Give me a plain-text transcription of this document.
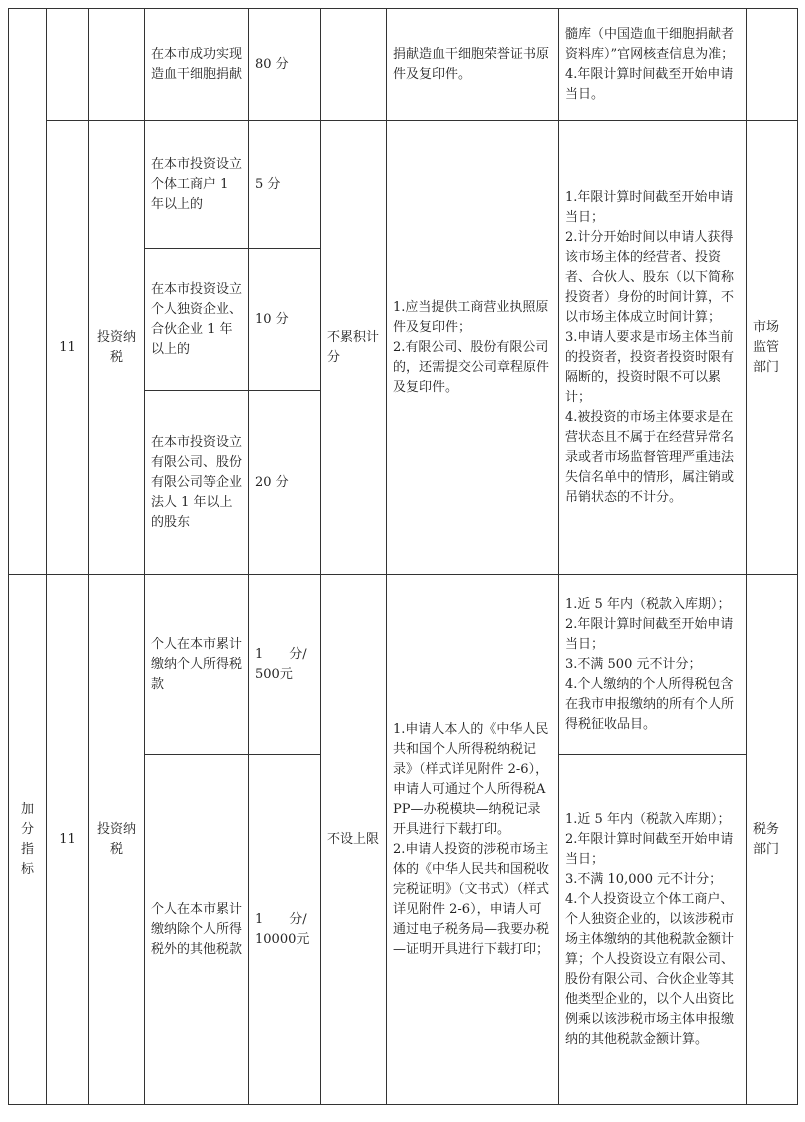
			在本市成功实现造血干细胞捐献	80 分		捐献造血干细胞荣誉证书原件及复印件。	髓库（中国造血干细胞捐献者资料库）”官网核查信息为准；
4.年限计算时间截至开始申请当日。	
	11	投资纳税	在本市投资设立个体工商户 1 年以上的	5 分	不累积计分	1.应当提供工商营业执照原件及复印件；
2.有限公司、股份有限公司的，还需提交公司章程原件及复印件。	1.年限计算时间截至开始申请当日；
2.计分开始时间以申请人获得该市场主体的经营者、投资者、合伙人、股东（以下简称投资者）身份的时间计算，不以市场主体成立时间计算；
3.申请人要求是市场主体当前的投资者，投资者投资时限有隔断的，投资时限不可以累计；
4.被投资的市场主体要求是在营状态且不属于在经营异常名录或者市场监督管理严重违法失信名单中的情形，属注销或吊销状态的不计分。	市场监管部门
			在本市投资设立个人独资企业、合伙企业 1 年以上的	10 分				
			在本市投资设立有限公司、股份有限公司等企业法人 1 年以上的股东	20 分				
加分指标	11	投资纳税	个人在本市累计缴纳个人所得税款	1　　分/500元	不设上限	1.申请人本人的《中华人民共和国个人所得税纳税记录》（样式详见附件 2-6），申请人可通过个人所得税APP—办税模块—纳税记录开具进行下载打印。
2.申请人投资的涉税市场主体的《中华人民共和国税收完税证明》（文书式）（样式详见附件 2-6），申请人可通过电子税务局—我要办税—证明开具进行下载打印；	1.近 5 年内（税款入库期）；
2.年限计算时间截至开始申请当日；
3.不满 500 元不计分；
4.个人缴纳的个人所得税包含在我市申报缴纳的所有个人所得税征收品目。	税务部门
			个人在本市累计缴纳除个人所得税外的其他税款	1　　分/10000元			1.近 5 年内（税款入库期）；
2.年限计算时间截至开始申请当日；
3.不满 10,000 元不计分；
4.个人投资设立个体工商户、个人独资企业的，以该涉税市场主体缴纳的其他税款金额计算；个人投资设立有限公司、股份有限公司、合伙企业等其他类型企业的，以个人出资比例乘以该涉税市场主体申报缴纳的其他税款金额计算。	
